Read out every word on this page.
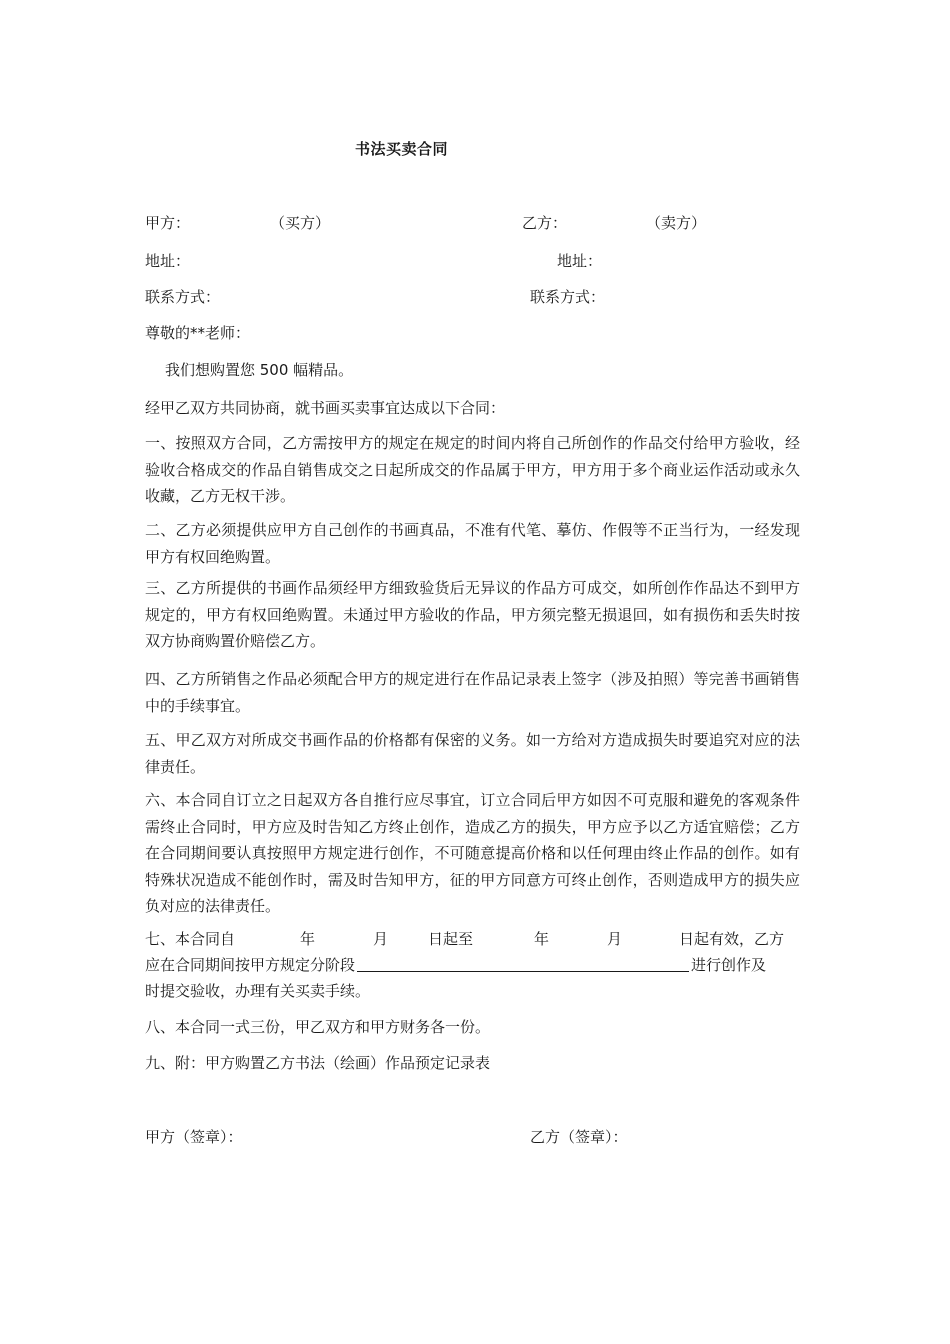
书法买卖合同
甲方：	（买方）	乙方：	（卖方）
地址：	地址：
联系方式：	联系方式：
尊敬的**老师：
我们想购置您 500 幅精品。
经甲乙双方共同协商，就书画买卖事宜达成以下合同：
一、按照双方合同，乙方需按甲方的规定在规定的时间内将自己所创作的作品交付给甲方验收，经验收合格成交的作品自销售成交之日起所成交的作品属于甲方，甲方用于多个商业运作活动或永久收藏，乙方无权干涉。
二、乙方必须提供应甲方自己创作的书画真品，不准有代笔、摹仿、作假等不正当行为，一经发现甲方有权回绝购置。
三、乙方所提供的书画作品须经甲方细致验货后无异议的作品方可成交，如所创作作品达不到甲方规定的，甲方有权回绝购置。未通过甲方验收的作品，甲方须完整无损退回，如有损伤和丢失时按双方协商购置价赔偿乙方。
四、乙方所销售之作品必须配合甲方的规定进行在作品记录表上签字（涉及拍照）等完善书画销售中的手续事宜。
五、甲乙双方对所成交书画作品的价格都有保密的义务。如一方给对方造成损失时要追究对应的法律责任。
六、本合同自订立之日起双方各自推行应尽事宜，订立合同后甲方如因不可克服和避免的客观条件需终止合同时，甲方应及时告知乙方终止创作，造成乙方的损失，甲方应予以乙方适宜赔偿；乙方在合同期间要认真按照甲方规定进行创作，不可随意提高价格和以任何理由终止作品的创作。如有特殊状况造成不能创作时，需及时告知甲方，征的甲方同意方可终止创作，否则造成甲方的损失应负对应的法律责任。
七、本合同自	年	月	日起至	年	月	日起有效，乙方
应在合同期间按甲方规定分阶段	进行创作及
时提交验收，办理有关买卖手续。
八、本合同一式三份，甲乙双方和甲方财务各一份。
九、附：甲方购置乙方书法（绘画）作品预定记录表
甲方（签章）：	乙方（签章）：
